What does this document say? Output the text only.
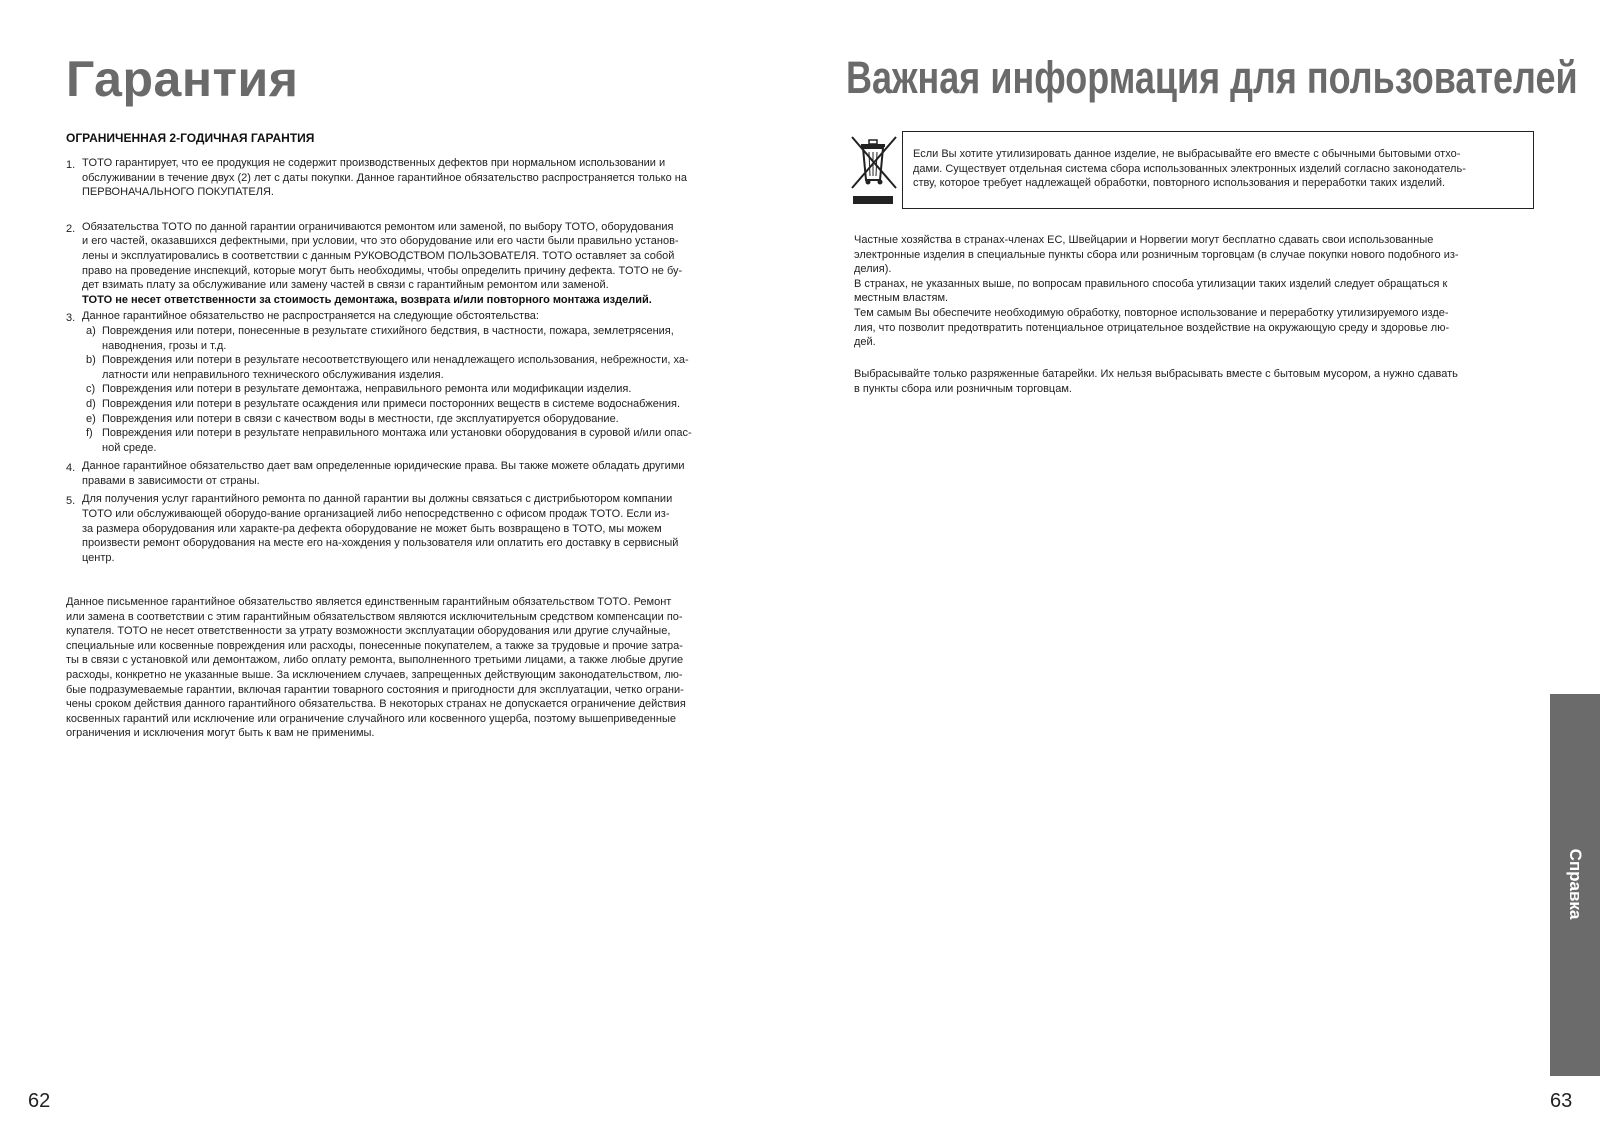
Гарантия
ОГРАНИЧЕННАЯ 2-ГОДИЧНАЯ ГАРАНТИЯ
1. TOTO гарантирует, что ее продукция не содержит производственных дефектов при нормальном использовании и
обслуживании в течение двух (2) лет с даты покупки. Данное гарантийное обязательство распространяется только на
ПЕРВОНАЧАЛЬНОГО ПОКУПАТЕЛЯ.
2. Обязательства TOTO по данной гарантии ограничиваются ремонтом или заменой, по выбору TOTO, оборудования
и его частей, оказавшихся дефектными, при условии, что это оборудование или его части были правильно установ-
лены и эксплуатировались в соответствии с данным РУКОВОДСТВОМ ПОЛЬЗОВАТЕЛЯ. TOTO оставляет за собой
право на проведение инспекций, которые могут быть необходимы, чтобы определить причину дефекта. TOTO не бу-
дет взимать плату за обслуживание или замену частей в связи с гарантийным ремонтом или заменой.
TOTO не несет ответственности за стоимость демонтажа, возврата и/или повторного монтажа изделий.
3. Данное гарантийное обязательство не распространяется на следующие обстоятельства:
a) Повреждения или потери, понесенные в результате стихийного бедствия, в частности, пожара, землетрясения,
наводнения, грозы и т.д.
b) Повреждения или потери в результате несоответствующего или ненадлежащего использования, небрежности, ха-
латности или неправильного технического обслуживания изделия.
c) Повреждения или потери в результате демонтажа, неправильного ремонта или модификации изделия.
d) Повреждения или потери в результате осаждения или примеси посторонних веществ в системе водоснабжения.
e) Повреждения или потери в связи с качеством воды в местности, где эксплуатируется оборудование.
f) Повреждения или потери в результате неправильного монтажа или установки оборудования в суровой и/или опас-
ной среде.
4. Данное гарантийное обязательство дает вам определенные юридические права. Вы также можете обладать другими
правами в зависимости от страны.
5. Для получения услуг гарантийного ремонта по данной гарантии вы должны связаться с дистрибьютором компании
TOTO или обслуживающей оборудо-вание организацией либо непосредственно с офисом продаж TOTO. Если из-
за размера оборудования или характе-ра дефекта оборудование не может быть возвращено в TOTO, мы можем
произвести ремонт оборудования на месте его на-хождения у пользователя или оплатить его доставку в сервисный
центр.
Данное письменное гарантийное обязательство является единственным гарантийным обязательством TOTO. Ремонт
или замена в соответствии с этим гарантийным обязательством являются исключительным средством компенсации по-
купателя. TOTO не несет ответственности за утрату возможности эксплуатации оборудования или другие случайные,
специальные или косвенные повреждения или расходы, понесенные покупателем, а также за трудовые и прочие затра-
ты в связи с установкой или демонтажом, либо оплату ремонта, выполненного третьими лицами, а также любые другие
расходы, конкретно не указанные выше. За исключением случаев, запрещенных действующим законодательством, лю-
бые подразумеваемые гарантии, включая гарантии товарного состояния и пригодности для эксплуатации, четко ограни-
чены сроком действия данного гарантийного обязательства. В некоторых странах не допускается ограничение действия
косвенных гарантий или исключение или ограничение случайного или косвенного ущерба, поэтому вышеприведенные
ограничения и исключения могут быть к вам не применимы.
62
Важная информация для пользователей
Если Вы хотите утилизировать данное изделие, не выбрасывайте его вместе с обычными бытовыми отхо-
дами. Существует отдельная система сбора использованных электронных изделий согласно законодатель-
ству, которое требует надлежащей обработки, повторного использования и переработки таких изделий.
Частные хозяйства в странах-членах ЕС, Швейцарии и Норвегии могут бесплатно сдавать свои использованные
электронные изделия в специальные пункты сбора или розничным торговцам (в случае покупки нового подобного из-
делия).
В странах, не указанных выше, по вопросам правильного способа утилизации таких изделий следует обращаться к
местным властям.
Тем самым Вы обеспечите необходимую обработку, повторное использование и переработку утилизируемого изде-
лия, что позволит предотвратить потенциальное отрицательное воздействие на окружающую среду и здоровье лю-
дей.
Выбрасывайте только разряженные батарейки. Их нельзя выбрасывать вместе с бытовым мусором, а нужно сдавать
в пункты сбора или розничным торговцам.
Справка
63
